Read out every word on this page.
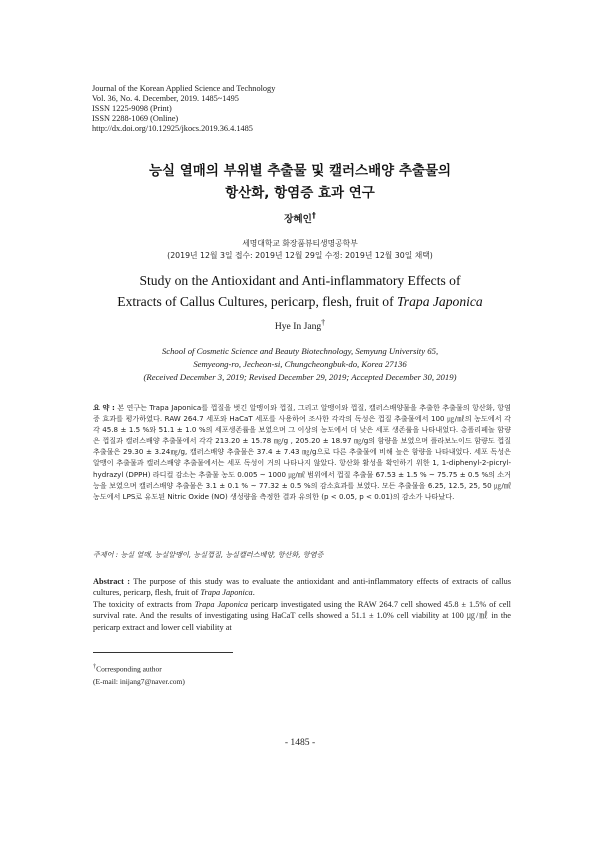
Journal of the Korean Applied Science and Technology
Vol. 36, No. 4. December, 2019. 1485~1495
ISSN 1225-9098 (Print)
ISSN 2288-1069 (Online)
http://dx.doi.org/10.12925/jkocs.2019.36.4.1485
능실 열매의 부위별 추출물 및 캘러스배양 추출물의
항산화, 항염증 효과 연구
장혜인†
세명대학교 화장품뷰티생명공학부
(2019년 12월 3일 접수: 2019년 12월 29일 수정: 2019년 12월 30일 채택)
Study on the Antioxidant and Anti-inflammatory Effects of
Extracts of Callus Cultures, pericarp, flesh, fruit of Trapa Japonica
Hye In Jang†
School of Cosmetic Science and Beauty Biotechnology, Semyung University 65,
Semyeong-ro, Jecheon-si, Chungcheongbuk-do, Korea 27136
(Received December 3, 2019; Revised December 29, 2019; Accepted December 30, 2019)
요 약 : 본 연구는 Trapa Japonica를 껍질을 벗긴 알맹이와 껍질, 그리고 알맹이와 껍질, 캘러스배양물을 추출한 추출물의 항산화, 항염증 효과를 평가하였다. RAW 264.7 세포와 HaCaT 세포를 사용하여 조사한 각각의 독성은 껍질 추출물에서 100 ㎍/㎖의 농도에서 각각 45.8 ± 1.5 %와 51.1 ± 1.0 %의 세포생존률을 보였으며 그 이상의 농도에서 더 낮은 세포 생존률을 나타내었다. 총폴리페놀 함량은 껍질과 캘러스배양 추출물에서 각각 213.20 ± 15.78 ㎎/g , 205.20 ± 18.97 ㎎/g의 함량을 보였으며 플라보노이드 함량도 껍질 추출물은 29.30 ± 3.24㎎/g, 캘러스배양 추출물은 37.4 ± 7.43 ㎎/g으로 다른 추출물에 비해 높은 함량을 나타내었다. 세포 독성은 알맹이 추출물과 캘러스배양 추출물에서는 세포 독성이 거의 나타나지 않았다. 항산화 활성을 확인하기 위한 1, 1-diphenyl-2-picryl-hydrazyl (DPPH) 라디컬 감소는 추출물 농도 0.005 ~ 1000 ㎍/㎖ 범위에서 껍질 추출물 67.53 ± 1.5 % ~ 75.75 ± 0.5 %의 소거능을 보였으며 캘러스배양 추출물은 3.1 ± 0.1 % ~ 77.32 ± 0.5 %의 감소효과를 보였다. 모든 추출물을 6.25, 12.5, 25, 50 ㎍/㎖ 농도에서 LPS로 유도된 Nitric Oxide (NO) 생성량을 측정한 결과 유의한 (p < 0.05, p < 0.01)의 감소가 나타났다.
주제어 : 능실 열매, 능실알맹이, 능실껍질, 능실캘러스배양, 항산화, 항염증
Abstract : The purpose of this study was to evaluate the antioxidant and anti-inflammatory effects of extracts of callus cultures, pericarp, flesh, fruit of Trapa Japonica.
The toxicity of extracts from Trapa Japonica pericarp investigated using the RAW 264.7 cell showed 45.8 ± 1.5% of cell survival rate. And the results of investigating using HaCaT cells showed a 51.1 ± 1.0% cell viability at 100 ㎍/㎖ in the pericarp extract and lower cell viability at
†Corresponding author
(E-mail: inijang7@naver.com)
- 1485 -
